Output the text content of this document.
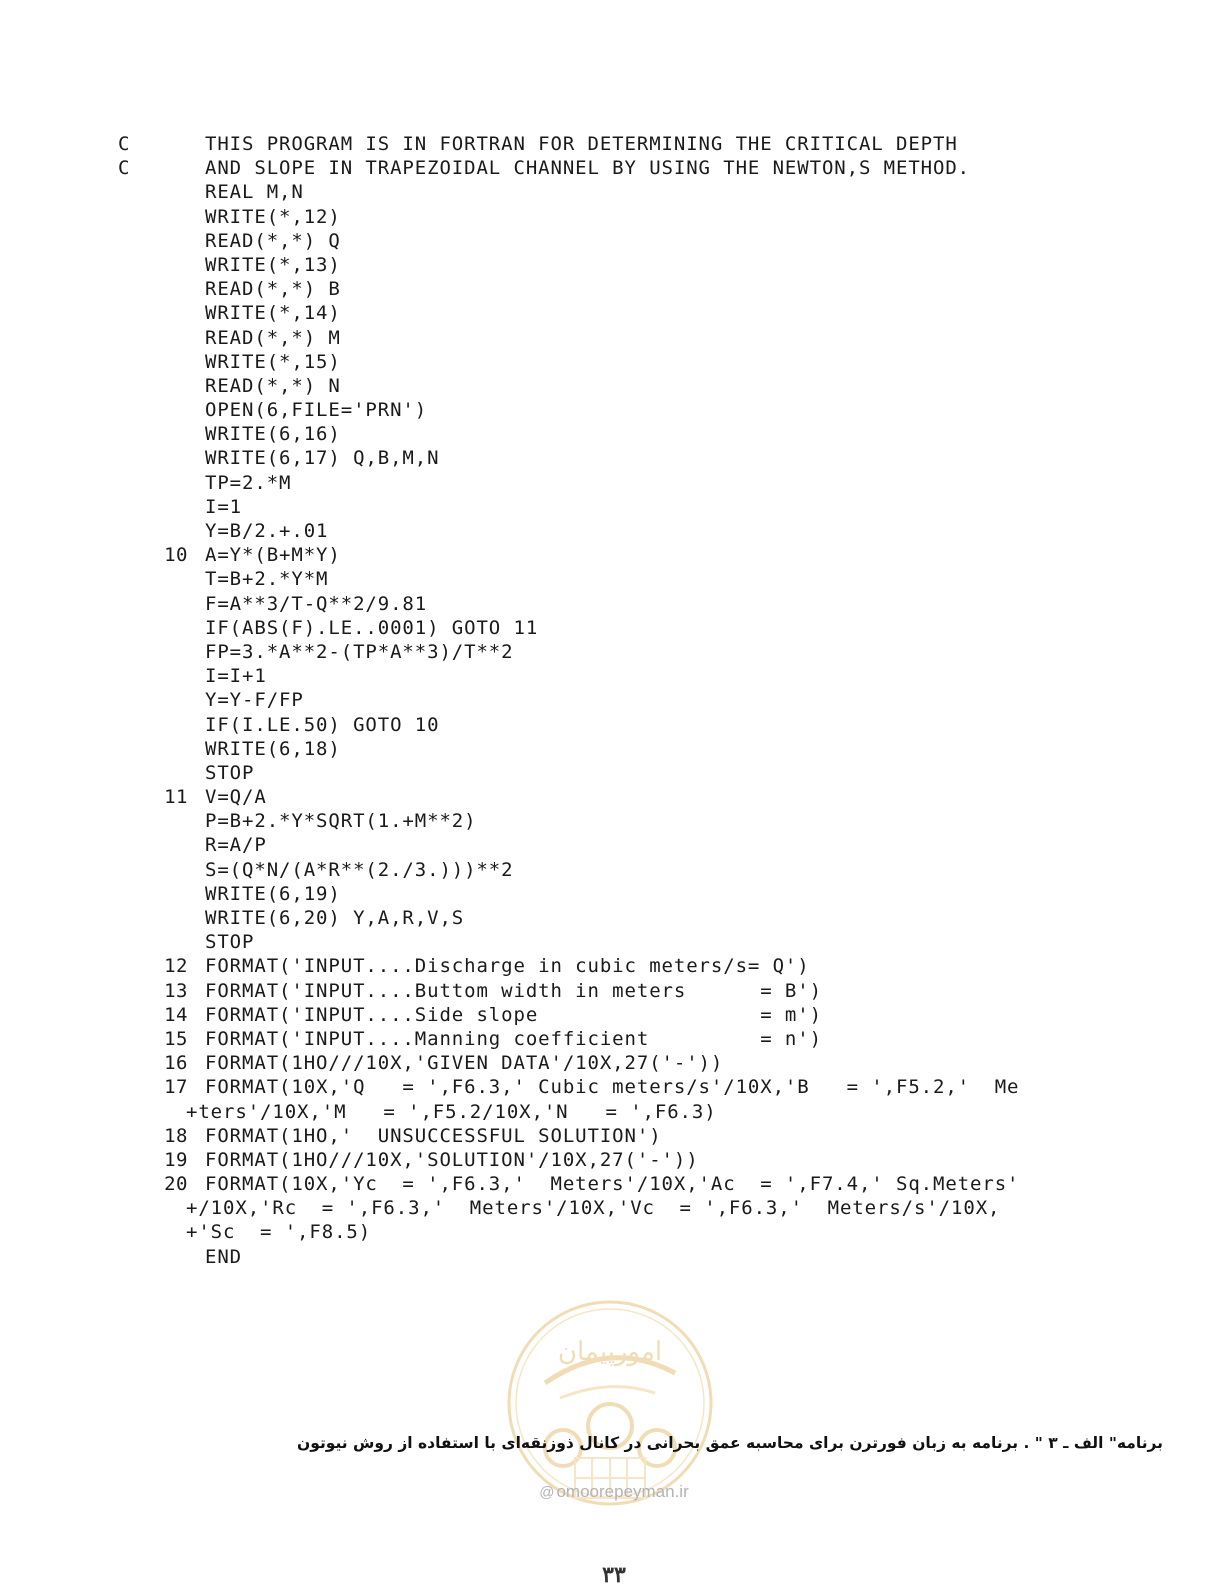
C	THIS PROGRAM IS IN FORTRAN FOR DETERMINING THE CRITICAL DEPTH
C	AND SLOPE IN TRAPEZOIDAL CHANNEL BY USING THE NEWTON,S METHOD.
REAL M,N
WRITE(*,12)
READ(*,*) Q
WRITE(*,13)
READ(*,*) B
WRITE(*,14)
READ(*,*) M
WRITE(*,15)
READ(*,*) N
OPEN(6,FILE='PRN')
WRITE(6,16)
WRITE(6,17) Q,B,M,N
TP=2.*M
I=1
Y=B/2.+.01
10 A=Y*(B+M*Y)
T=B+2.*Y*M
F=A**3/T-Q**2/9.81
IF(ABS(F).LE..0001) GOTO 11
FP=3.*A**2-(TP*A**3)/T**2
I=I+1
Y=Y-F/FP
IF(I.LE.50) GOTO 10
WRITE(6,18)
STOP
11 V=Q/A
P=B+2.*Y*SQRT(1.+M**2)
R=A/P
S=(Q*N/(A*R**(2./3.)))**2
WRITE(6,19)
WRITE(6,20) Y,A,R,V,S
STOP
12 FORMAT('INPUT....Discharge in cubic meters/s= Q')
13 FORMAT('INPUT....Buttom width in meters      = B')
14 FORMAT('INPUT....Side slope                  = m')
15 FORMAT('INPUT....Manning coefficient         = n')
16 FORMAT(1HO///10X,'GIVEN DATA'/10X,27('-'))
17 FORMAT(10X,'Q   = ',F6.3,' Cubic meters/s'/10X,'B   = ',F5.2,'  Me
+ters'/10X,'M   = ',F5.2/10X,'N   = ',F6.3)
18 FORMAT(1HO,'  UNSUCCESSFUL SOLUTION')
19 FORMAT(1HO///10X,'SOLUTION'/10X,27('-'))
20 FORMAT(10X,'Yc  = ',F6.3,'  Meters'/10X,'Ac  = ',F7.4,' Sq.Meters'
+/10X,'Rc  = ',F6.3,'  Meters'/10X,'Vc  = ',F6.3,'  Meters/s'/10X,
+'Sc  = ',F8.5)
END
امورپیمان
برنامه" الف ـ ٣ " . برنامه به زبان فورترن برای محاسبه عمق بحرانی در کانال ذوزنقه‌ای با استفاده از روش نیوتون
@ omoorepeyman.ir
٣٣
